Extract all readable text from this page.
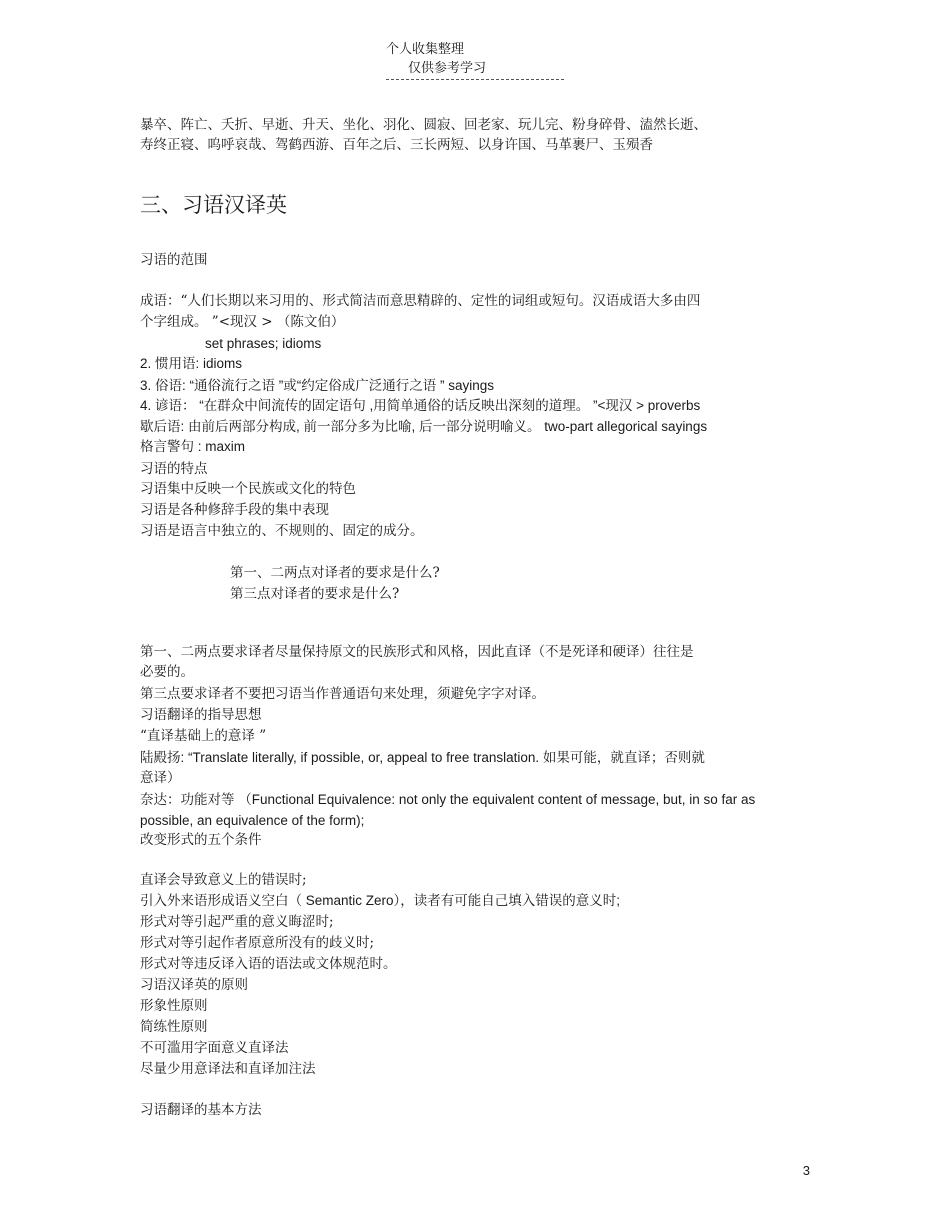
个人收集整理仅供参考学习
暴卒、阵亡、夭折、早逝、升天、坐化、羽化、圆寂、回老家、玩儿完、粉身碎骨、溘然长逝、
寿终正寝、呜呼哀哉、驾鹤西游、百年之后、三长两短、以身许国、马革裹尸、玉殒香
三、习语汉译英
习语的范围
成语：“人们长期以来习用的、形式简洁而意思精辟的、定性的词组或短句。汉语成语大多由四
个字组成。 ”<现汉 > （陈文伯）
set phrases; idioms
2. 惯用语: idioms
3. 俗语: “通俗流行之语 ”或“约定俗成广泛通行之语 ” sayings
4. 谚语： “在群众中间流传的固定语句 ,用简单通俗的话反映出深刻的道理。 ”<现汉 > proverbs
歇后语: 由前后两部分构成, 前一部分多为比喻, 后一部分说明喻义。 two-part allegorical sayings
格言警句 : maxim
习语的特点
习语集中反映一个民族或文化的特色
习语是各种修辞手段的集中表现
习语是语言中独立的、不规则的、固定的成分。
第一、二两点对译者的要求是什么?
第三点对译者的要求是什么?
第一、二两点要求译者尽量保持原文的民族形式和风格，因此直译（不是死译和硬译）往往是
必要的。
第三点要求译者不要把习语当作普通语句来处理，须避免字字对译。
习语翻译的指导思想
“直译基础上的意译 ”
陆殿扬: “Translate literally, if possible, or, appeal to free translation. 如果可能，就直译；否则就
意译）
奈达：功能对等 （Functional Equivalence: not only the equivalent content of message, but, in so far as
possible, an equivalence of the form);
改变形式的五个条件
直译会导致意义上的错误时;
引入外来语形成语义空白（ Semantic Zero），读者有可能自己填入错误的意义时;
形式对等引起严重的意义晦涩时;
形式对等引起作者原意所没有的歧义时;
形式对等违反译入语的语法或文体规范时。
习语汉译英的原则
形象性原则
简练性原则
不可滥用字面意义直译法
尽量少用意译法和直译加注法
习语翻译的基本方法
3
